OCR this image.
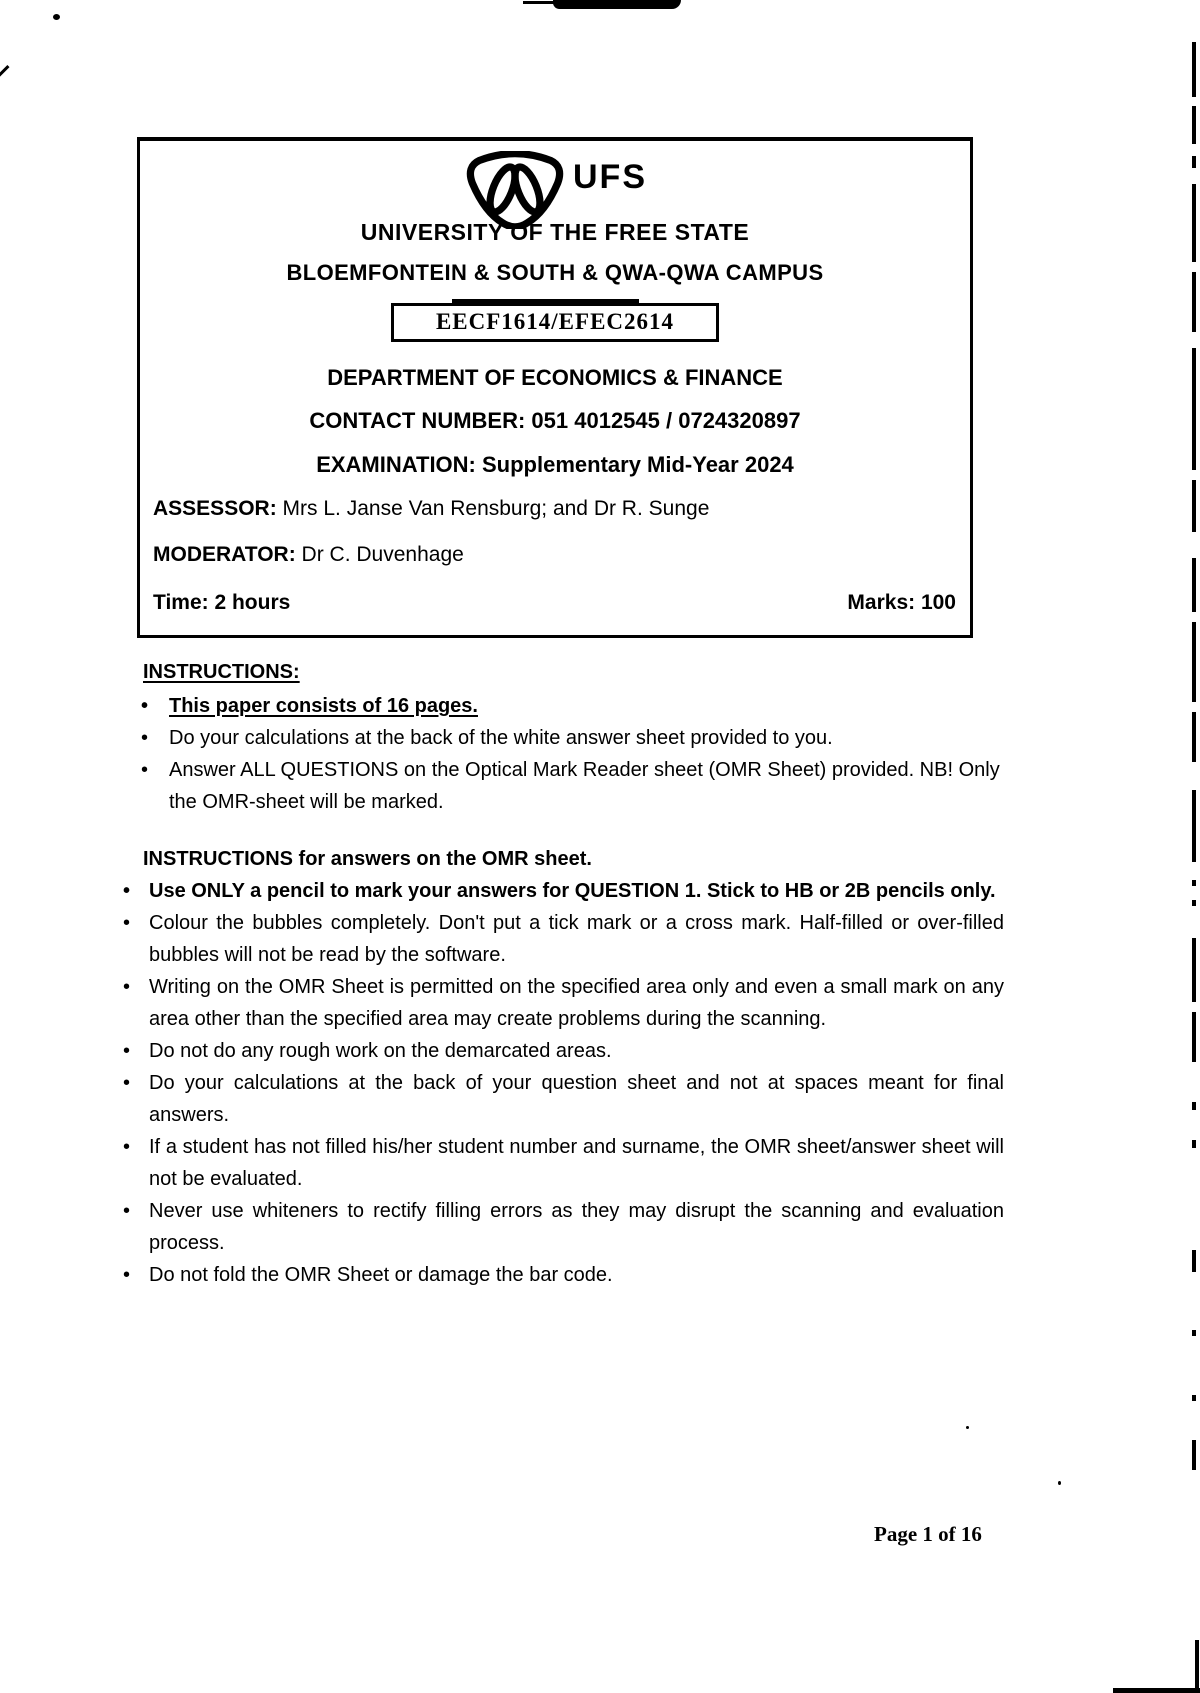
UFS
UNIVERSITY OF THE FREE STATE
BLOEMFONTEIN & SOUTH & QWA-QWA CAMPUS
EECF1614/EFEC2614
DEPARTMENT OF ECONOMICS & FINANCE
CONTACT NUMBER: 051 4012545 / 0724320897
EXAMINATION: Supplementary Mid-Year 2024
ASSESSOR: Mrs L. Janse Van Rensburg; and Dr R. Sunge
MODERATOR: Dr C. Duvenhage
Time: 2 hours	Marks: 100
INSTRUCTIONS:
• This paper consists of 16 pages.
• Do your calculations at the back of the white answer sheet provided to you.
• Answer ALL QUESTIONS on the Optical Mark Reader sheet (OMR Sheet) provided. NB! Only the OMR-sheet will be marked.
INSTRUCTIONS for answers on the OMR sheet.
• Use ONLY a pencil to mark your answers for QUESTION 1. Stick to HB or 2B pencils only.
• Colour the bubbles completely. Don't put a tick mark or a cross mark. Half-filled or over-filled bubbles will not be read by the software.
• Writing on the OMR Sheet is permitted on the specified area only and even a small mark on any area other than the specified area may create problems during the scanning.
• Do not do any rough work on the demarcated areas.
• Do your calculations at the back of your question sheet and not at spaces meant for final answers.
• If a student has not filled his/her student number and surname, the OMR sheet/answer sheet will not be evaluated.
• Never use whiteners to rectify filling errors as they may disrupt the scanning and evaluation process.
• Do not fold the OMR Sheet or damage the bar code.
Page 1 of 16
